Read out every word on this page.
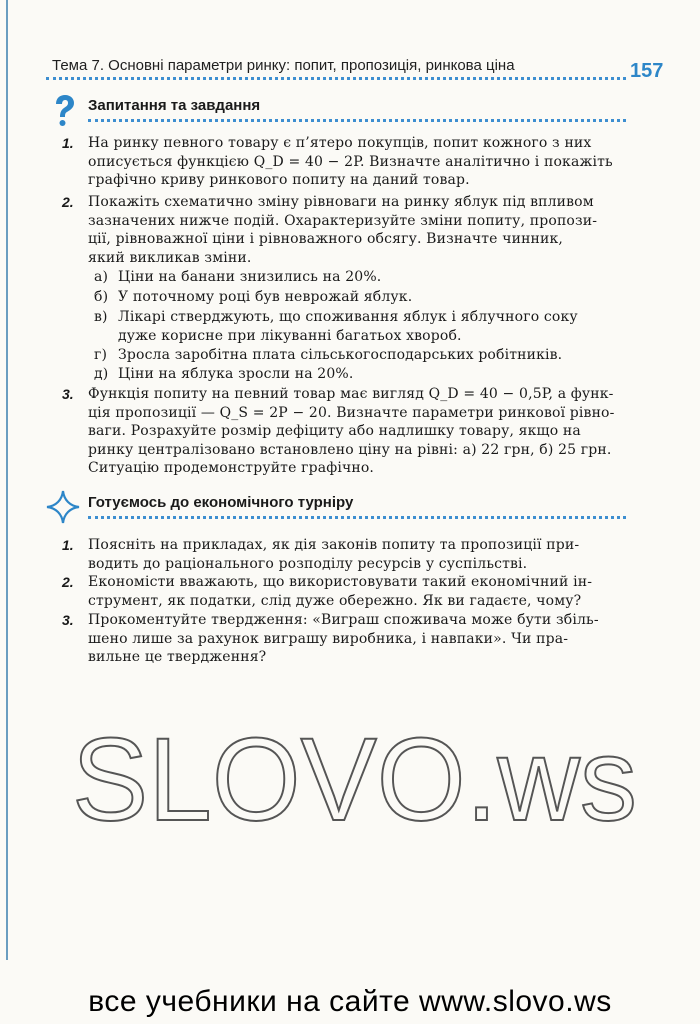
Тема 7. Основні параметри ринку: попит, пропозиція, ринкова ціна	157
Запитання та завдання
1. На ринку певного товару є п’ятеро покупців, попит кожного з них
описується функцією Q_D = 40 − 2P. Визначте аналітично і покажіть
графічно криву ринкового попиту на даний товар.
2. Покажіть схематично зміну рівноваги на ринку яблук під впливом
зазначених нижче подій. Охарактеризуйте зміни попиту, пропози-
ції, рівноважної ціни і рівноважного обсягу. Визначте чинник,
який викликав зміни.
а) Ціни на банани знизились на 20%.
б) У поточному році був неврожай яблук.
в) Лікарі стверджують, що споживання яблук і яблучного соку
дуже корисне при лікуванні багатьох хвороб.
г) Зросла заробітна плата сільськогосподарських робітників.
д) Ціни на яблука зросли на 20%.
3. Функція попиту на певний товар має вигляд Q_D = 40 − 0,5P, а функ-
ція пропозиції — Q_S = 2P − 20. Визначте параметри ринкової рівно-
ваги. Розрахуйте розмір дефіциту або надлишку товару, якщо на
ринку централізовано встановлено ціну на рівні: а) 22 грн, б) 25 грн.
Ситуацію продемонструйте графічно.
Готуємось до економічного турніру
1. Поясніть на прикладах, як дія законів попиту та пропозиції при-
водить до раціонального розподілу ресурсів у суспільстві.
2. Економісти вважають, що використовувати такий економічний ін-
струмент, як податки, слід дуже обережно. Як ви гадаєте, чому?
3. Прокоментуйте твердження: «Виграш споживача може бути збіль-
шено лише за рахунок виграшу виробника, і навпаки». Чи пра-
вильне це твердження?
SLOVO.ws
все учебники на сайте www.slovo.ws
